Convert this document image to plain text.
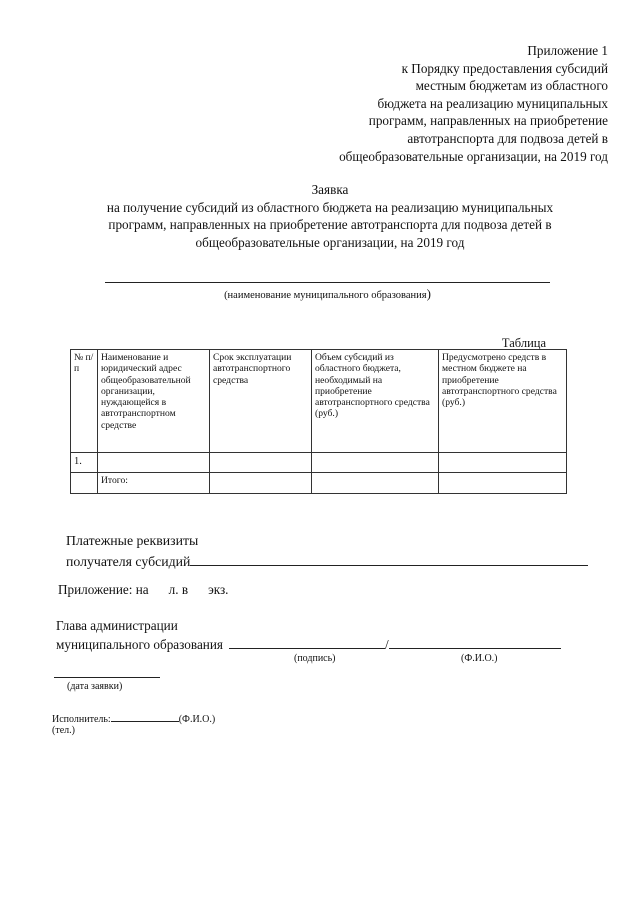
Приложение 1
к Порядку предоставления субсидий
местным бюджетам из областного
бюджета на реализацию муниципальных
программ, направленных на приобретение
автотранспорта для подвоза детей в
общеобразовательные организации, на 2019 год
Заявка
на получение субсидий из областного бюджета на реализацию муниципальных
программ, направленных на приобретение автотранспорта для подвоза детей в
общеобразовательные организации, на 2019 год
(наименование муниципального образования)
Таблица
№ п/п	Наименование и юридический адрес общеобразовательной организации, нуждающейся в автотранспортном средстве	Срок эксплуатации автотранспортного средства	Объем субсидий из областного бюджета, необходимый на приобретение автотранспортного средства (руб.)	Предусмотрено средств в местном бюджете на приобретение автотранспортного средства (руб.)
1.				
	Итого:			
Платежные реквизиты
получателя субсидий
Приложение: на л. в экз.
Глава администрации
муниципального образования	/
(подпись)	(Ф.И.О.)
(дата заявки)
Исполнитель:	(Ф.И.О.)
(тел.)
